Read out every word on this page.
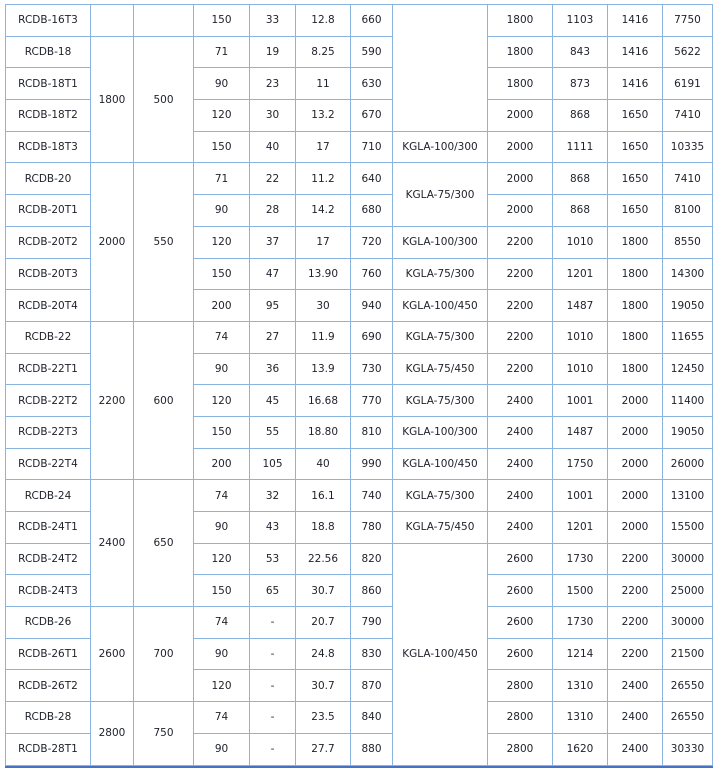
RCDB-16T3			150	33	12.8	660		1800	1103	1416	7750
RCDB-18	1800	500	71	19	8.25	590		1800	843	1416	5622
RCDB-18T1			90	23	11	630		1800	873	1416	6191
RCDB-18T2			120	30	13.2	670		2000	868	1650	7410
RCDB-18T3			150	40	17	710	KGLA-100/300	2000	1111	1650	10335
RCDB-20	2000	550	71	22	11.2	640	KGLA-75/300	2000	868	1650	7410
RCDB-20T1			90	28	14.2	680		2000	868	1650	8100
RCDB-20T2			120	37	17	720	KGLA-100/300	2200	1010	1800	8550
RCDB-20T3			150	47	13.90	760	KGLA-75/300	2200	1201	1800	14300
RCDB-20T4			200	95	30	940	KGLA-100/450	2200	1487	1800	19050
RCDB-22	2200	600	74	27	11.9	690	KGLA-75/300	2200	1010	1800	11655
RCDB-22T1			90	36	13.9	730	KGLA-75/450	2200	1010	1800	12450
RCDB-22T2			120	45	16.68	770	KGLA-75/300	2400	1001	2000	11400
RCDB-22T3			150	55	18.80	810	KGLA-100/300	2400	1487	2000	19050
RCDB-22T4			200	105	40	990	KGLA-100/450	2400	1750	2000	26000
RCDB-24	2400	650	74	32	16.1	740	KGLA-75/300	2400	1001	2000	13100
RCDB-24T1			90	43	18.8	780	KGLA-75/450	2400	1201	2000	15500
RCDB-24T2			120	53	22.56	820	KGLA-100/450	2600	1730	2200	30000
RCDB-24T3			150	65	30.7	860		2600	1500	2200	25000
RCDB-26	2600	700	74	-	20.7	790		2600	1730	2200	30000
RCDB-26T1			90	-	24.8	830		2600	1214	2200	21500
RCDB-26T2			120	-	30.7	870		2800	1310	2400	26550
RCDB-28	2800	750	74	-	23.5	840		2800	1310	2400	26550
RCDB-28T1			90	-	27.7	880		2800	1620	2400	30330
